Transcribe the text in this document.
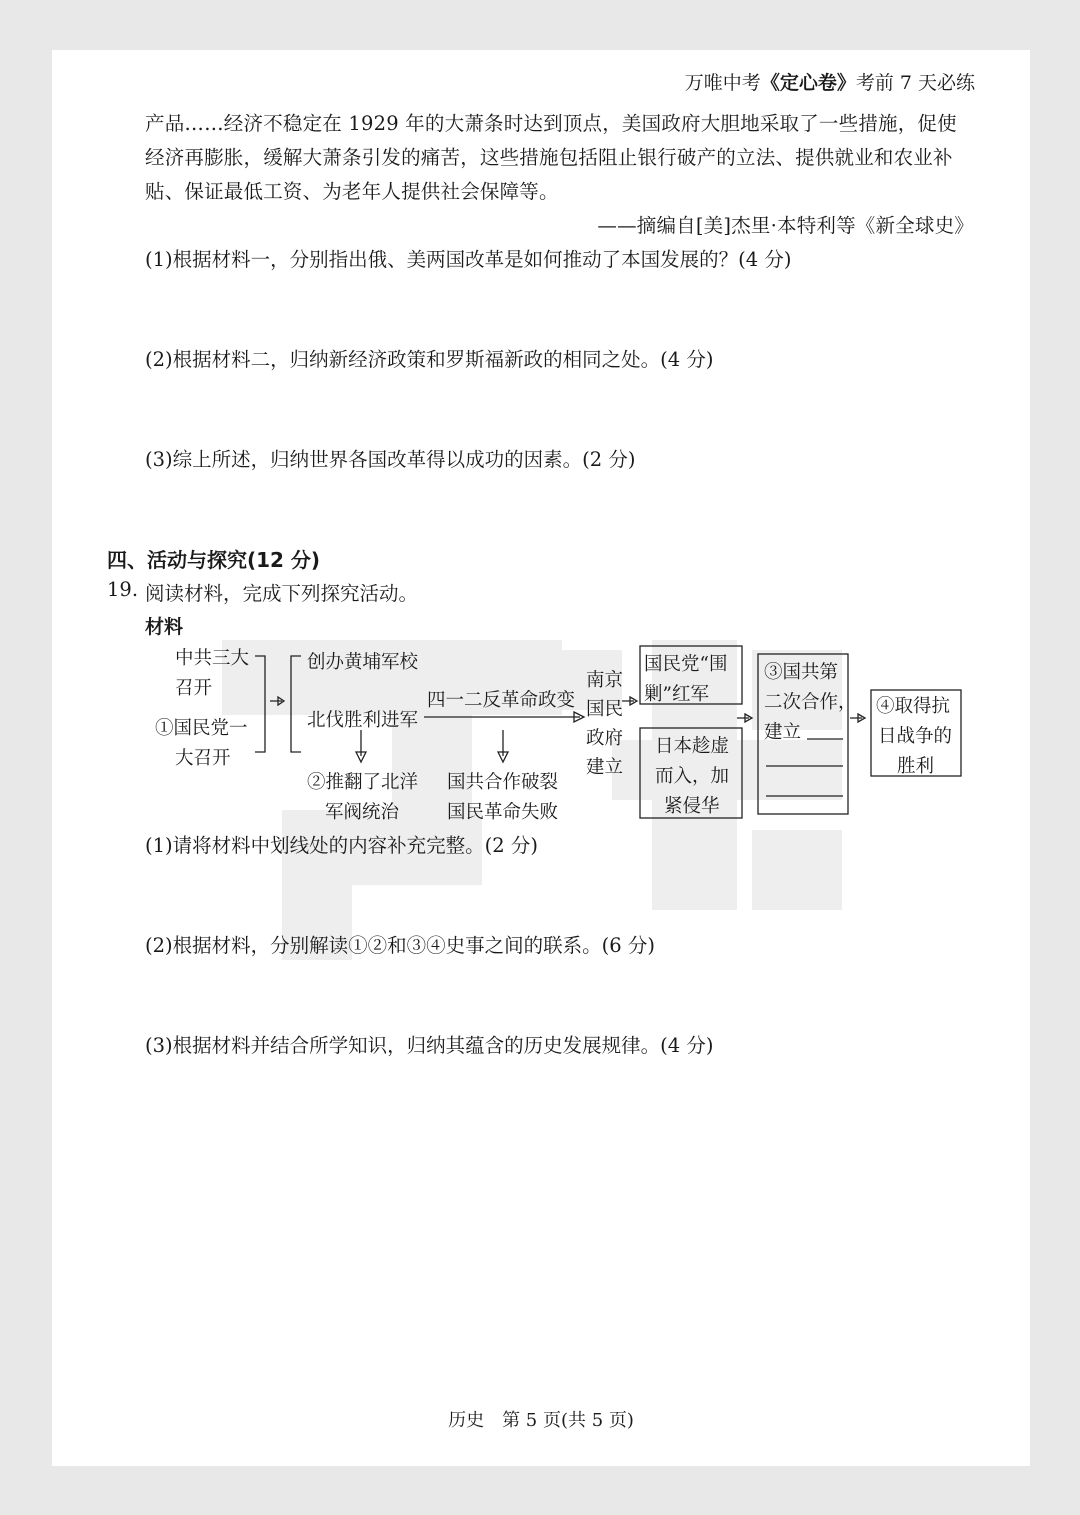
万唯中考《定心卷》考前 7 天必练
产品……经济不稳定在 1929 年的大萧条时达到顶点，美国政府大胆地采取了一些措施，促使
经济再膨胀，缓解大萧条引发的痛苦，这些措施包括阻止银行破产的立法、提供就业和农业补
贴、保证最低工资、为老年人提供社会保障等。
——摘编自[美]杰里·本特利等《新全球史》
(1)根据材料一，分别指出俄、美两国改革是如何推动了本国发展的？(4 分)
(2)根据材料二，归纳新经济政策和罗斯福新政的相同之处。(4 分)
(3)综上所述，归纳世界各国改革得以成功的因素。(2 分)
四、活动与探究(12 分)
19. 阅读材料，完成下列探究活动。
材料
中共三大
召开
①国民党一
大召开
创办黄埔军校
北伐胜利进军
四一二反革命政变
②推翻了北洋
军阀统治
国共合作破裂
国民革命失败
南京
国民
政府
建立
国民党“围
剿”红军
日本趁虚
而入，加
紧侵华
③国共第
二次合作，
建立
④取得抗
日战争的
胜利
(1)请将材料中划线处的内容补充完整。(2 分)
(2)根据材料，分别解读①②和③④史事之间的联系。(6 分)
(3)根据材料并结合所学知识，归纳其蕴含的历史发展规律。(4 分)
历史　第 5 页(共 5 页)
